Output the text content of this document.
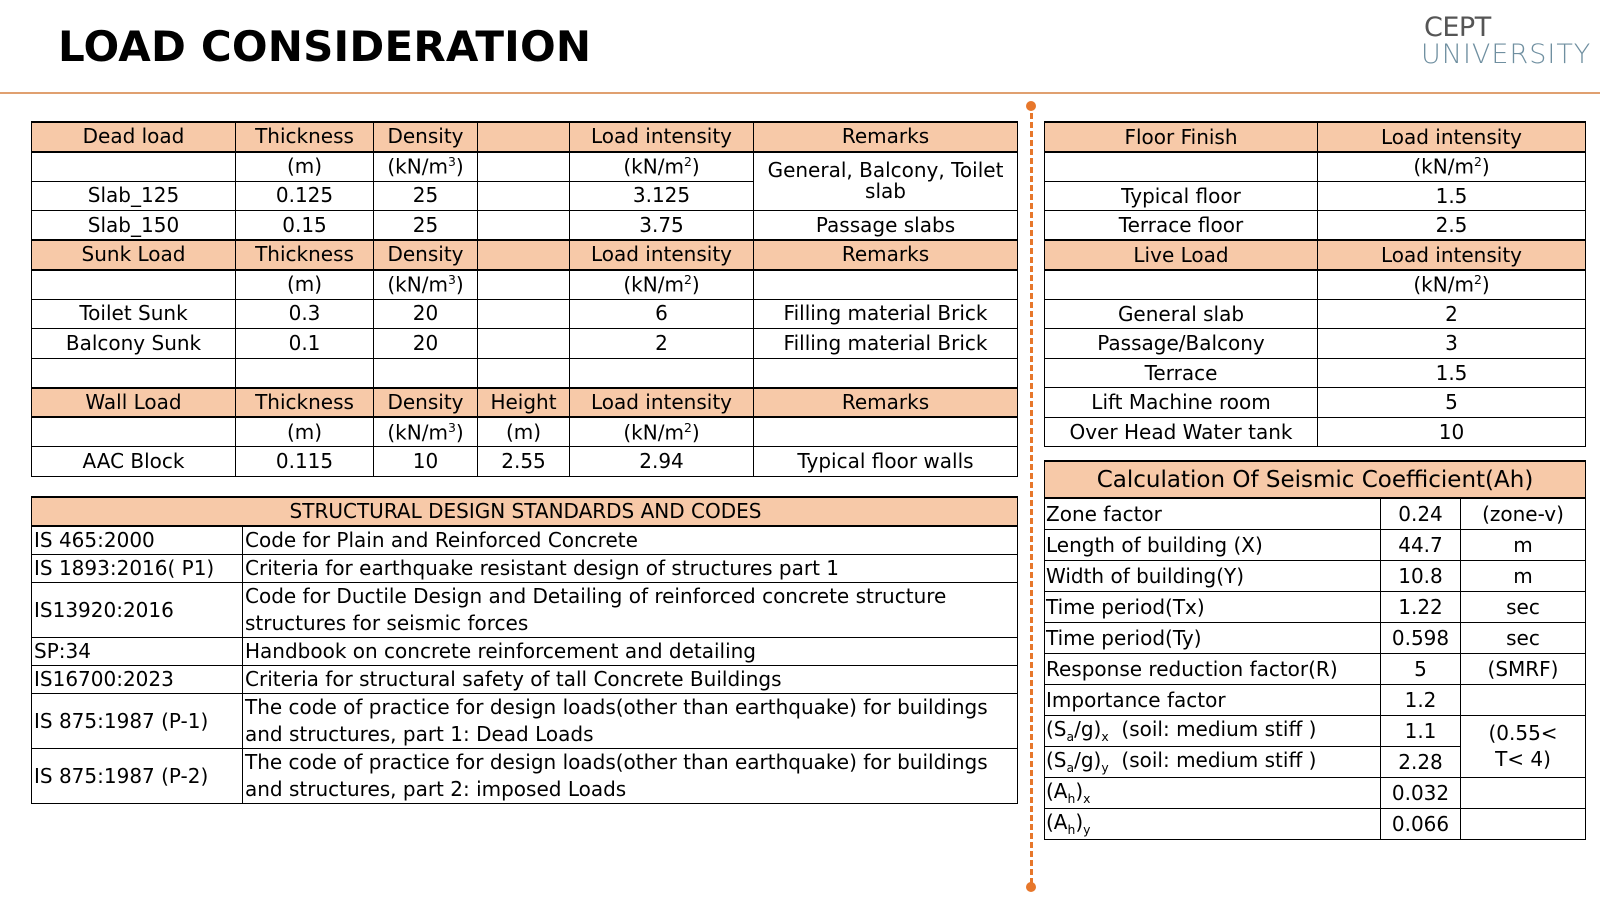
LOAD CONSIDERATION	CEPT
UNIVERSITY
Dead load	Thickness	Density		Load intensity	Remarks
	(m)	$(kN/m^3)$		$(kN/m^2)$	General, Balcony, Toilet slab
Slab_125	0.125	25		3.125	
Slab_150	0.15	25		3.75	Passage slabs
Sunk Load	Thickness	Density		Load intensity	Remarks
	(m)	$(kN/m^3)$		$(kN/m^2)$	
Toilet Sunk	0.3	20		6	Filling material Brick
Balcony Sunk	0.1	20		2	Filling material Brick

Wall Load	Thickness	Density	Height	Load intensity	Remarks
	(m)	$(kN/m^3)$	(m)	$(kN/m^2)$	
AAC Block	0.115	10	2.55	2.94	Typical floor walls
STRUCTURAL DESIGN STANDARDS AND CODES	
IS 465:2000	Code for Plain and Reinforced Concrete
IS 1893:2016( P1)	Criteria for earthquake resistant design of structures part 1
IS13920:2016	Code for Ductile Design and Detailing of reinforced concrete structure structures for seismic forces
SP:34	Handbook on concrete reinforcement and detailing
IS16700:2023	Criteria for structural safety of tall Concrete Buildings
IS 875:1987 (P-1)	The code of practice for design loads(other than earthquake) for buildings and structures, part 1: Dead Loads
IS 875:1987 (P-2)	The code of practice for design loads(other than earthquake) for buildings and structures, part 2: imposed Loads
Floor Finish	Load intensity
	$(kN/m^2)$
Typical floor	1.5
Terrace floor	2.5
Live Load	Load intensity
	$(kN/m^2)$
General slab	2
Passage/Balcony	3
Terrace	1.5
Lift Machine room	5
Over Head Water tank	10
Calculation Of Seismic Coefficient(Ah)		
Zone factor	0.24	(zone-v)
Length of building (X)	44.7	m
Width of building(Y)	10.8	m
Time period(Tx)	1.22	sec
Time period(Ty)	0.598	sec
Response reduction factor(R)	5	(SMRF)
Importance factor	1.2	
$(S_a/g)_x$  (soil: medium stiff )	1.1	(0.55< T< 4)
$(S_a/g)_y$  (soil: medium stiff )	2.28	
$(A_h)_x$	0.032	
$(A_h)_y$	0.066	
